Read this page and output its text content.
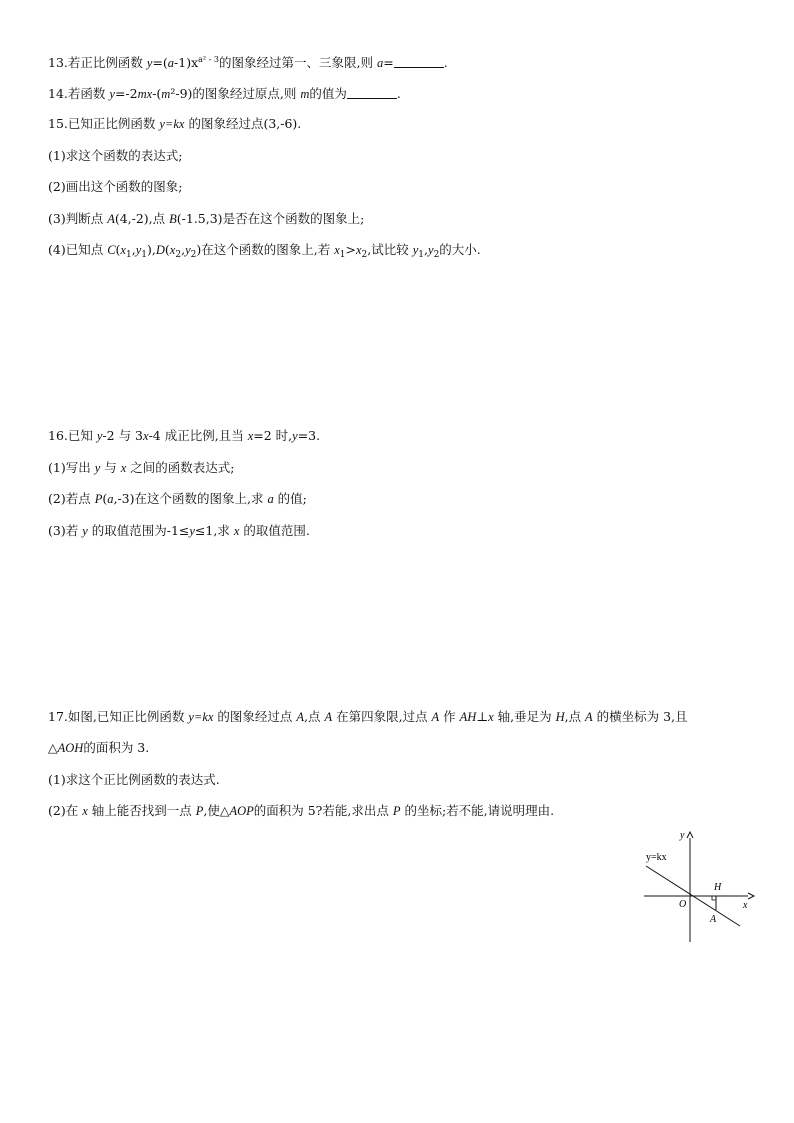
13.若正比例函数 $y=(a-1)x^{a^2 - 3}$的图象经过第一、三象限,则 a=	.
14.若函数 y=-2mx-(m²-9)的图象经过原点,则 m的值为	.
15.已知正比例函数 y=kx 的图象经过点(3,-6).
(1)求这个函数的表达式;
(2)画出这个函数的图象;
(3)判断点 A(4,-2),点 B(-1.5,3)是否在这个函数的图象上;
(4)已知点 $C(x_1,y_1),D(x_2,y_2)$在这个函数的图象上,若 $x_1>x_2$,试比较 $y_1,y_2$的大小.
16.已知 y-2 与 3x-4 成正比例,且当 x=2 时,y=3.
(1)写出 y 与 x 之间的函数表达式;
(2)若点 P(a,-3)在这个函数的图象上,求 a 的值;
(3)若 y 的取值范围为-1≤y≤1,求 x 的取值范围.
17.如图,已知正比例函数 y=kx 的图象经过点 A,点 A 在第四象限,过点 A 作 AH⊥x 轴,垂足为 H,点 A 的横坐标为 3,且
△AOH的面积为 3.
(1)求这个正比例函数的表达式.
(2)在 x 轴上能否找到一点 P,使△AOP的面积为 5?若能,求出点 P 的坐标;若不能,请说明理由.
y=kx
y
x
O
H
A
